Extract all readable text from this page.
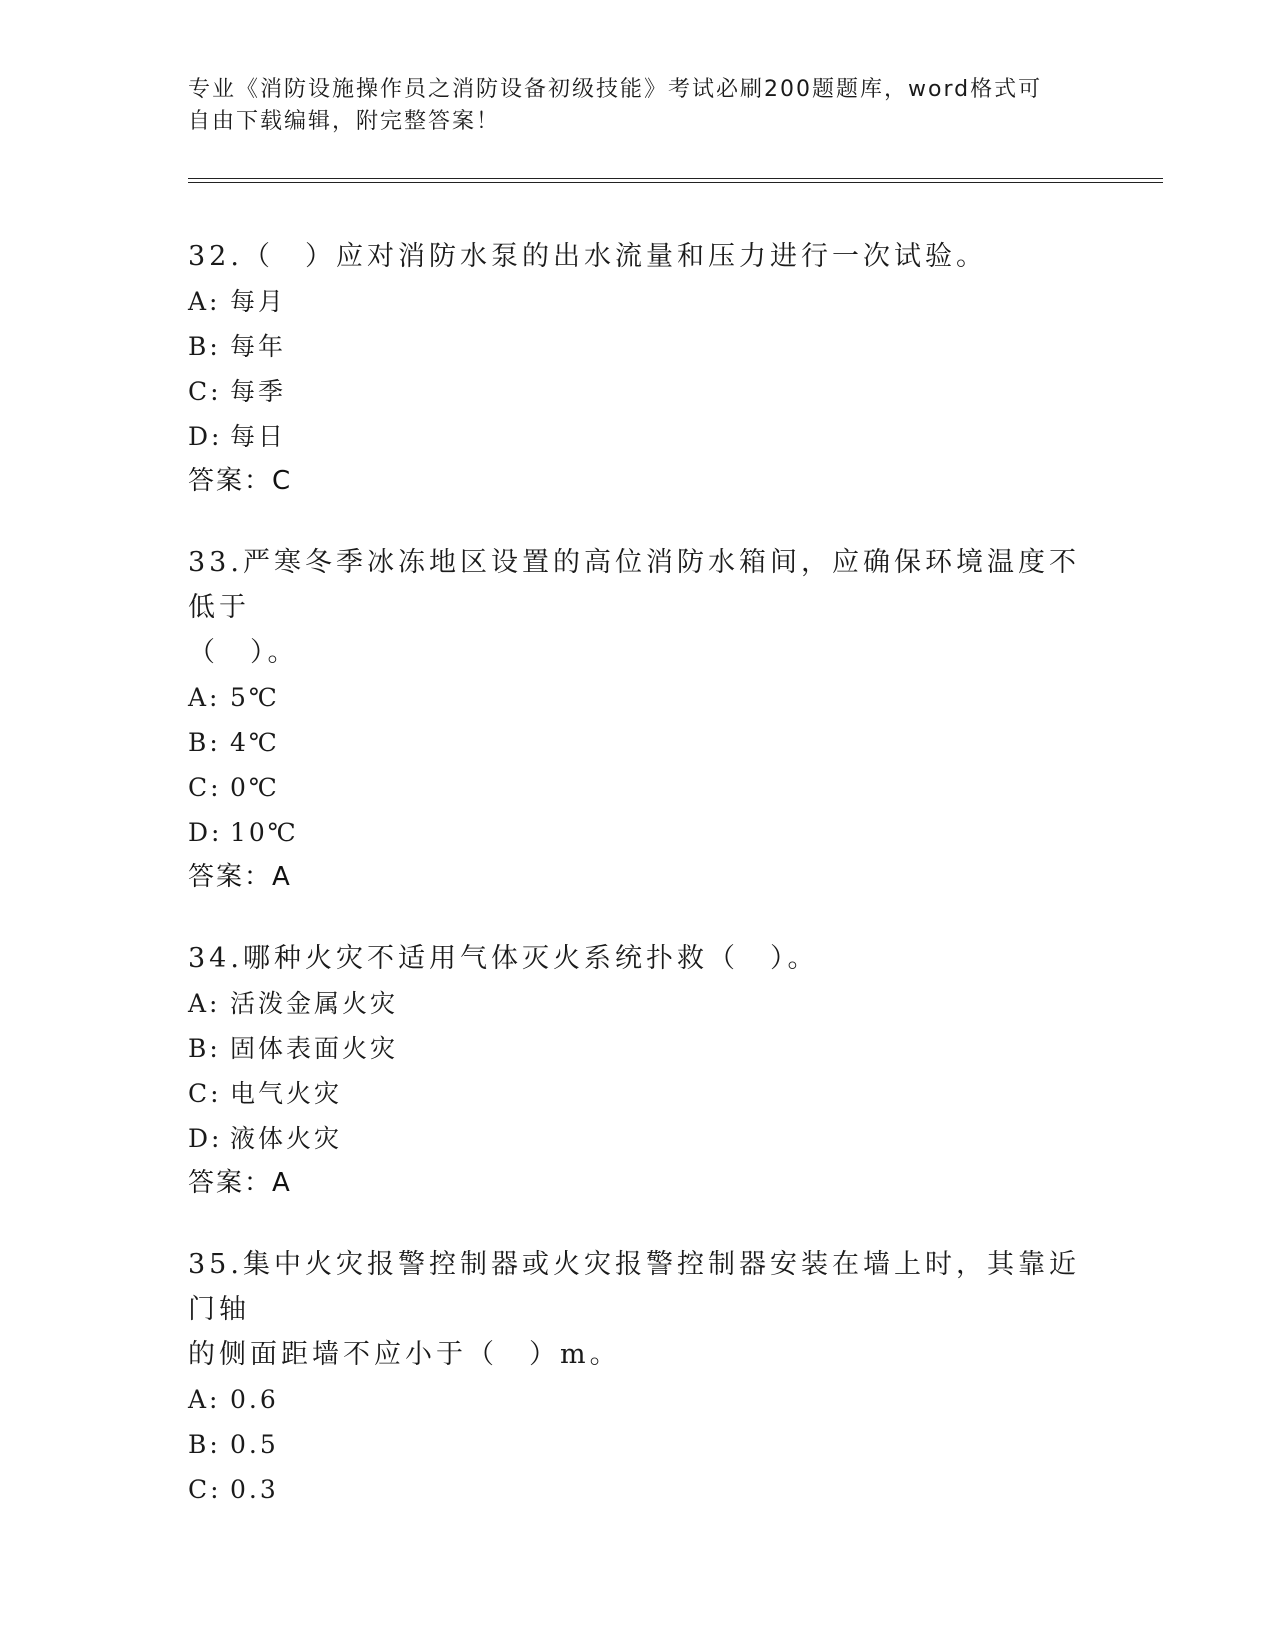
专业《消防设施操作员之消防设备初级技能》考试必刷200题题库，word格式可
自由下载编辑，附完整答案！
32.（　）应对消防水泵的出水流量和压力进行一次试验。
A: 每月
B: 每年
C: 每季
D: 每日
答案：C
33.严寒冬季冰冻地区设置的高位消防水箱间，应确保环境温度不低于
（　）。
A: 5℃
B: 4℃
C: 0℃
D: 10℃
答案：A
34.哪种火灾不适用气体灭火系统扑救（　）。
A: 活泼金属火灾
B: 固体表面火灾
C: 电气火灾
D: 液体火灾
答案：A
35.集中火灾报警控制器或火灾报警控制器安装在墙上时，其靠近门轴
的侧面距墙不应小于（　）m。
A: 0.6
B: 0.5
C: 0.3
